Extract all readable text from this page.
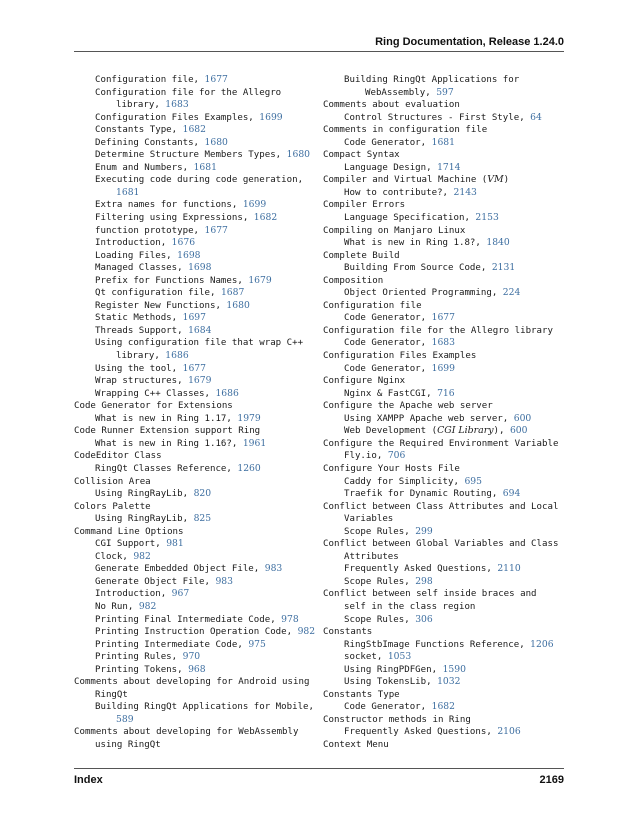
Ring Documentation, Release 1.24.0
Configuration file, 1677
Configuration file for the Allegro
library, 1683
Configuration Files Examples, 1699
Constants Type, 1682
Defining Constants, 1680
Determine Structure Members Types, 1680
Enum and Numbers, 1681
Executing code during code generation,
1681
Extra names for functions, 1699
Filtering using Expressions, 1682
function prototype, 1677
Introduction, 1676
Loading Files, 1698
Managed Classes, 1698
Prefix for Functions Names, 1679
Qt configuration file, 1687
Register New Functions, 1680
Static Methods, 1697
Threads Support, 1684
Using configuration file that wrap C++
library, 1686
Using the tool, 1677
Wrap structures, 1679
Wrapping C++ Classes, 1686
Code Generator for Extensions
What is new in Ring 1.17, 1979
Code Runner Extension support Ring
What is new in Ring 1.16?, 1961
CodeEditor Class
RingQt Classes Reference, 1260
Collision Area
Using RingRayLib, 820
Colors Palette
Using RingRayLib, 825
Command Line Options
CGI Support, 981
Clock, 982
Generate Embedded Object File, 983
Generate Object File, 983
Introduction, 967
No Run, 982
Printing Final Intermediate Code, 978
Printing Instruction Operation Code, 982
Printing Intermediate Code, 975
Printing Rules, 970
Printing Tokens, 968
Comments about developing for Android using
RingQt
Building RingQt Applications for Mobile,
589
Comments about developing for WebAssembly
using RingQt
Building RingQt Applications for
WebAssembly, 597
Comments about evaluation
Control Structures - First Style, 64
Comments in configuration file
Code Generator, 1681
Compact Syntax
Language Design, 1714
Compiler and Virtual Machine (VM)
How to contribute?, 2143
Compiler Errors
Language Specification, 2153
Compiling on Manjaro Linux
What is new in Ring 1.8?, 1840
Complete Build
Building From Source Code, 2131
Composition
Object Oriented Programming, 224
Configuration file
Code Generator, 1677
Configuration file for the Allegro library
Code Generator, 1683
Configuration Files Examples
Code Generator, 1699
Configure Nginx
Nginx & FastCGI, 716
Configure the Apache web server
Using XAMPP Apache web server, 600
Web Development (CGI Library), 600
Configure the Required Environment Variable
Fly.io, 706
Configure Your Hosts File
Caddy for Simplicity, 695
Traefik for Dynamic Routing, 694
Conflict between Class Attributes and Local
Variables
Scope Rules, 299
Conflict between Global Variables and Class
Attributes
Frequently Asked Questions, 2110
Scope Rules, 298
Conflict between self inside braces and
self in the class region
Scope Rules, 306
Constants
RingStbImage Functions Reference, 1206
socket, 1053
Using RingPDFGen, 1590
Using TokensLib, 1032
Constants Type
Code Generator, 1682
Constructor methods in Ring
Frequently Asked Questions, 2106
Context Menu
Index	2169
